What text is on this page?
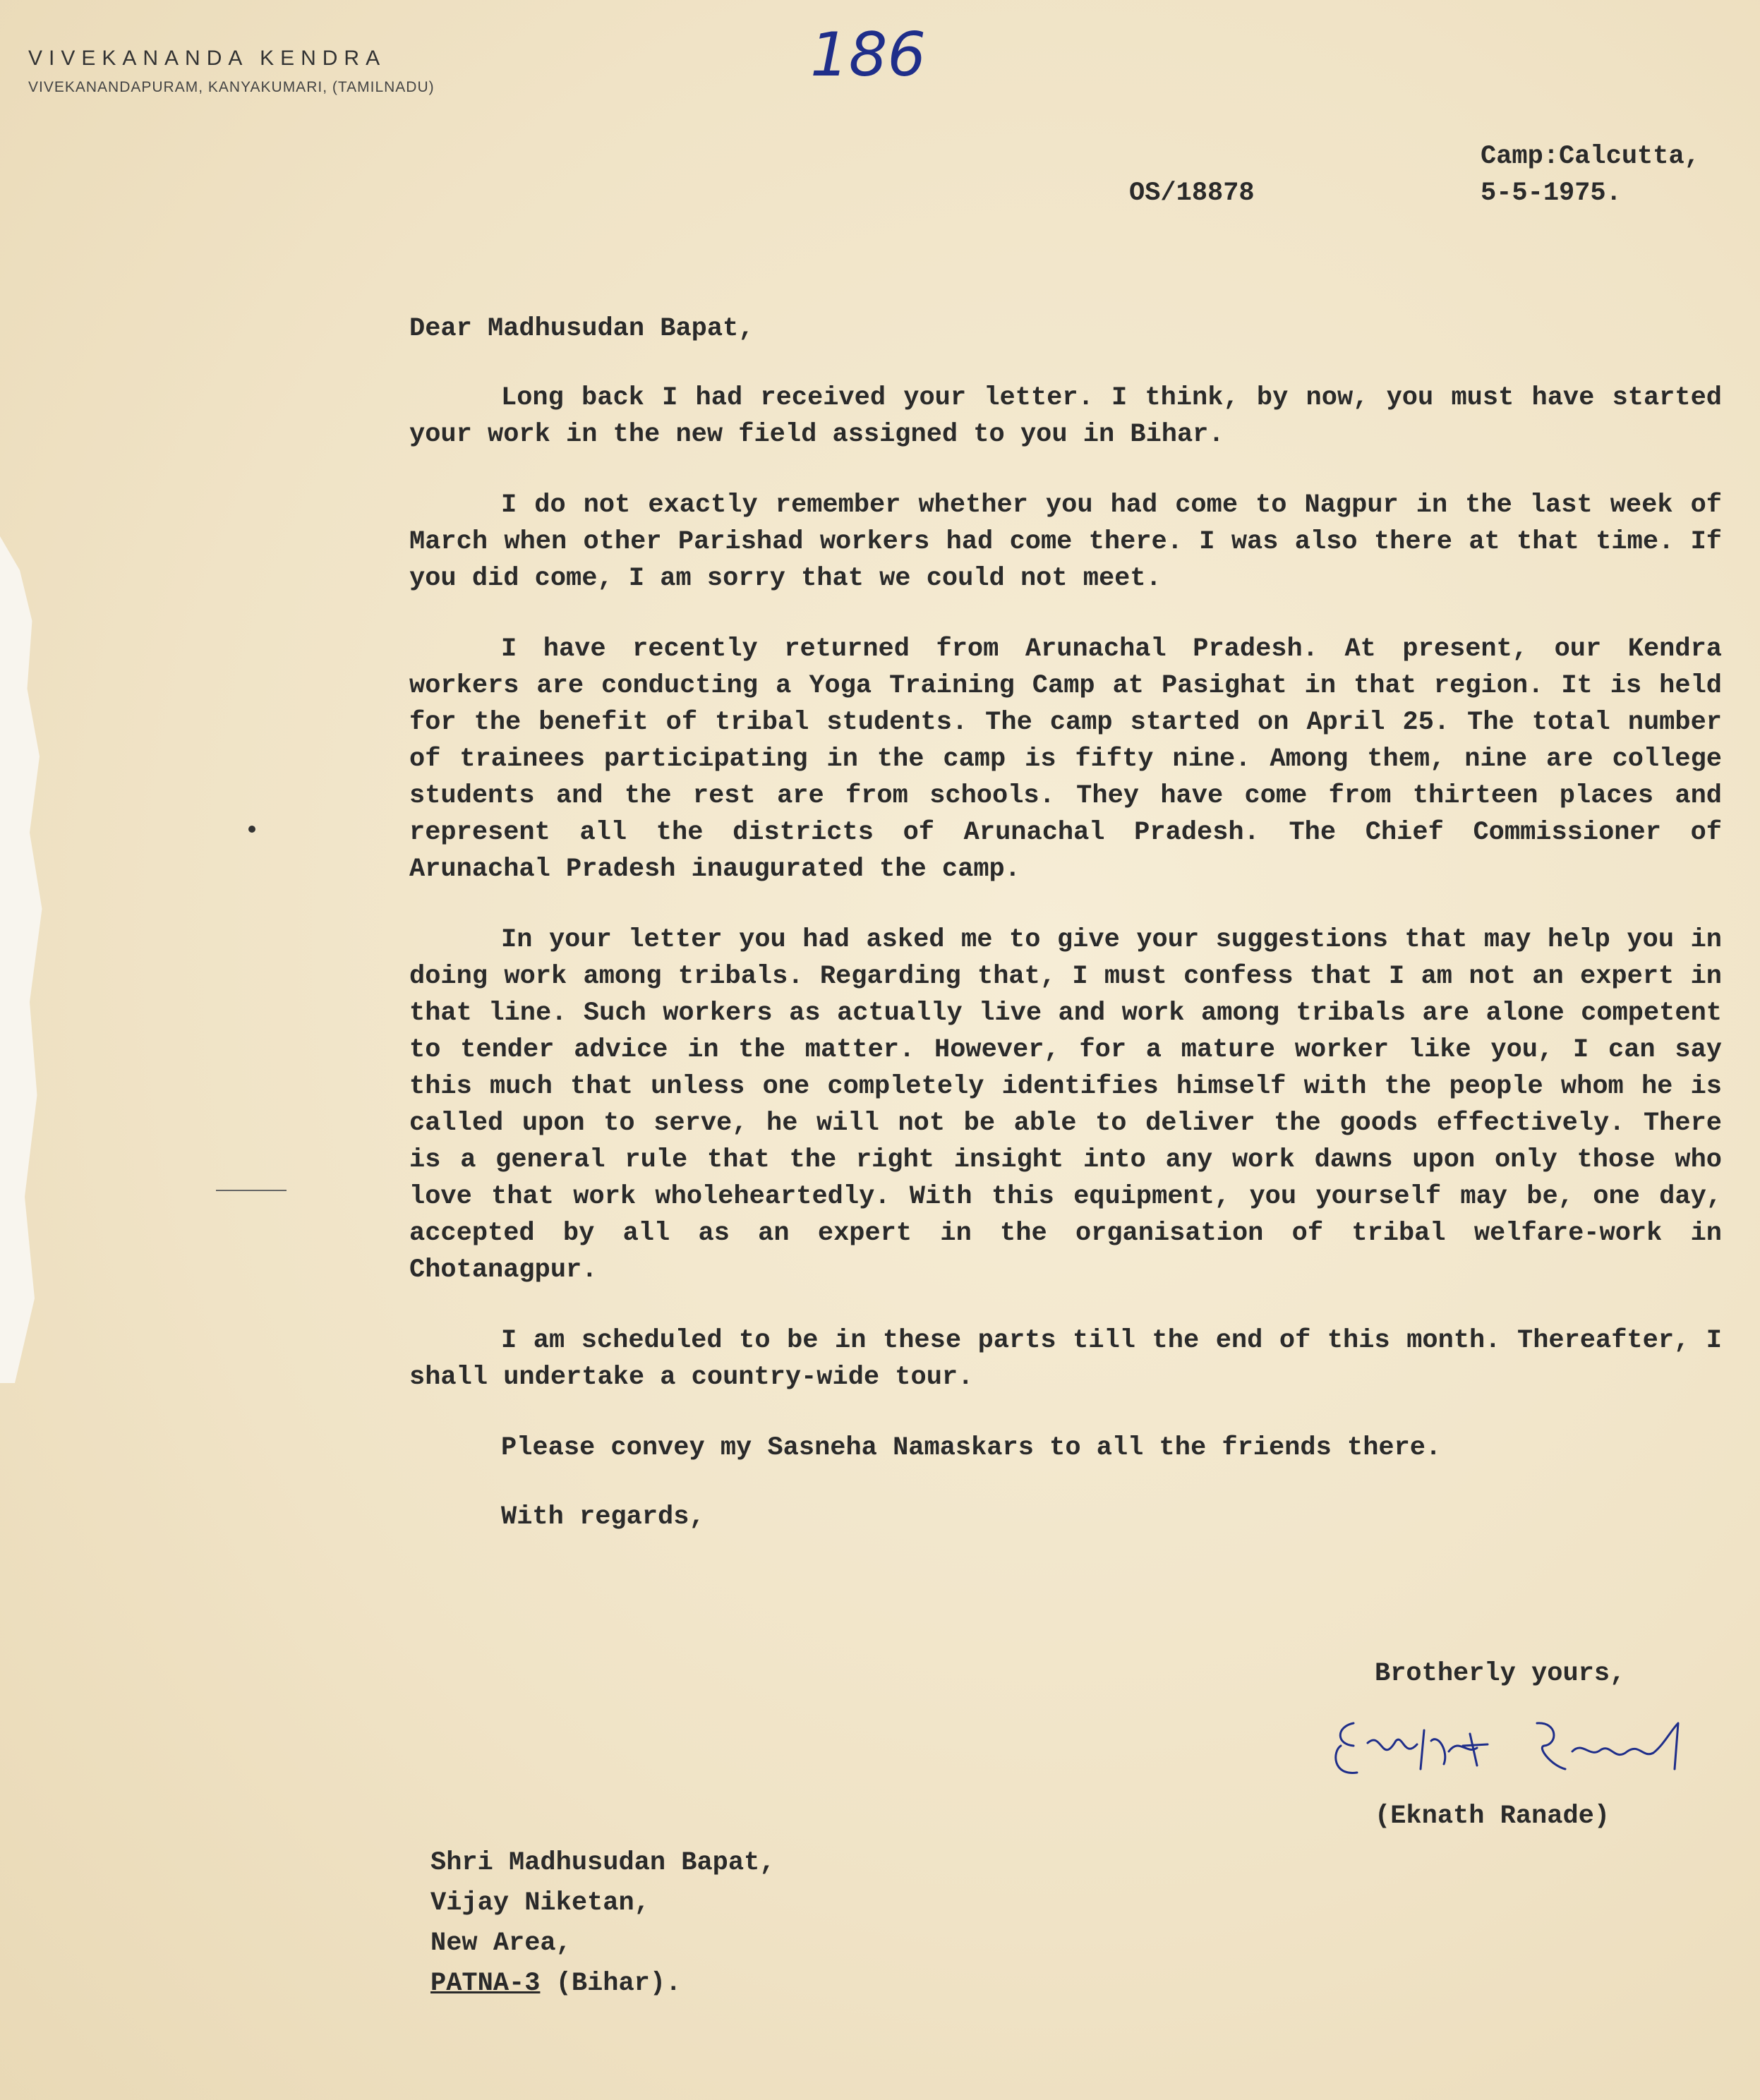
VIVEKANANDA KENDRA
VIVEKANANDAPURAM, KANYAKUMARI, (TAMILNADU)	186
OS/18878
Camp:Calcutta,
5-5-1975.
Dear Madhusudan Bapat,
Long back I had received your letter. I think, by now, you must have started your work in the new field assigned to you in Bihar.
I do not exactly remember whether you had come to Nagpur in the last week of March when other Parishad workers had come there. I was also there at that time. If you did come, I am sorry that we could not meet.
I have recently returned from Arunachal Pradesh. At present, our Kendra workers are conducting a Yoga Training Camp at Pasighat in that region. It is held for the benefit of tribal students. The camp started on April 25. The total number of trainees participating in the camp is fifty nine. Among them, nine are college students and the rest are from schools. They have come from thirteen places and represent all the districts of Arunachal Pradesh. The Chief Commissioner of Arunachal Pradesh inaugurated the camp.
In your letter you had asked me to give your suggestions that may help you in doing work among tribals. Regarding that, I must confess that I am not an expert in that line. Such workers as actually live and work among tribals are alone competent to tender advice in the matter. However, for a mature worker like you, I can say this much that unless one completely identifies himself with the people whom he is called upon to serve, he will not be able to deliver the goods effectively. There is a general rule that the right insight into any work dawns upon only those who love that work wholeheartedly. With this equipment, you yourself may be, one day, accepted by all as an expert in the organisation of tribal welfare-work in Chotanagpur.
I am scheduled to be in these parts till the end of this month. Thereafter, I shall undertake a country-wide tour.
Please convey my Sasneha Namaskars to all the friends there.
With regards,
Brotherly yours,
(Eknath Ranade)
Shri Madhusudan Bapat,
Vijay Niketan,
New Area,
PATNA-3 (Bihar).
